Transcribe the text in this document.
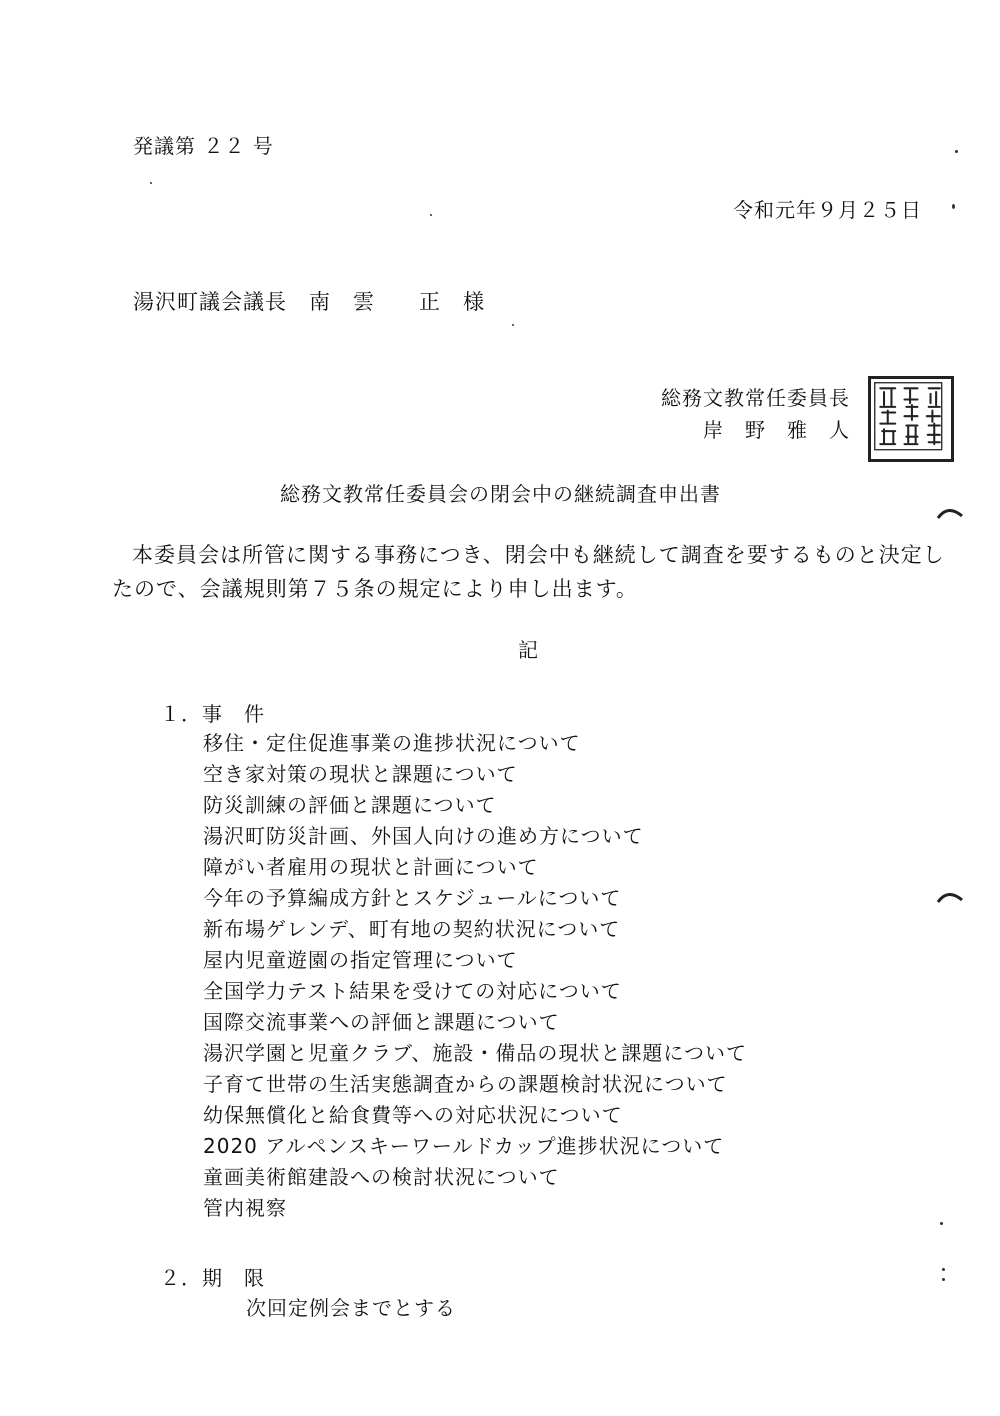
発議第 ２２ 号
令和元年９月２５日
湯沢町議会議長　南　雲　　正　様
総務文教常任委員長
岸　野　雅　人
総務文教常任委員会の閉会中の継続調査申出書
本委員会は所管に関する事務につき、閉会中も継続して調査を要するものと決定したので、会議規則第７５条の規定により申し出ます。
記
１．事　件
移住・定住促進事業の進捗状況について
空き家対策の現状と課題について
防災訓練の評価と課題について
湯沢町防災計画、外国人向けの進め方について
障がい者雇用の現状と計画について
今年の予算編成方針とスケジュールについて
新布場ゲレンデ、町有地の契約状況について
屋内児童遊園の指定管理について
全国学力テスト結果を受けての対応について
国際交流事業への評価と課題について
湯沢学園と児童クラブ、施設・備品の現状と課題について
子育て世帯の生活実態調査からの課題検討状況について
幼保無償化と給食費等への対応状況について
2020 アルペンスキーワールドカップ進捗状況について
童画美術館建設への検討状況について
管内視察
２．期　限
次回定例会までとする
